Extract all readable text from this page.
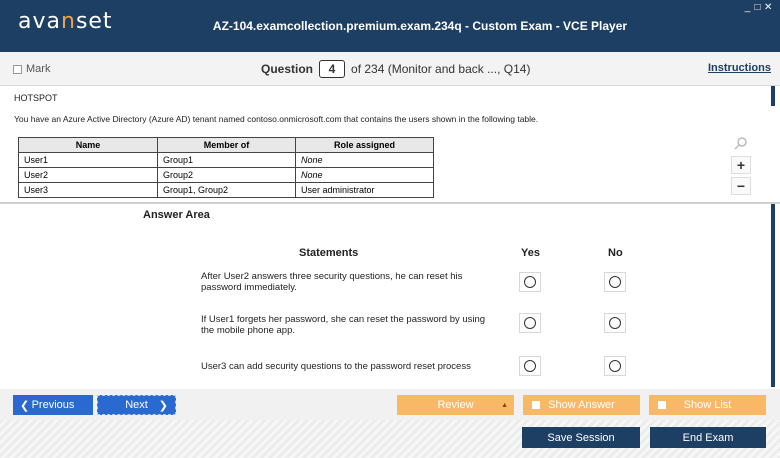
avanset	AZ-104.examcollection.premium.exam.234q - Custom Exam - VCE Player
_□✕
Mark	Question	4	of 234 (Monitor and back ..., Q14)	Instructions
HOTSPOT
You have an Azure Active Directory (Azure AD) tenant named contoso.onmicrosoft.com that contains the users shown in the following table.
Name	Member of	Role assigned
User1	Group1	None
User2	Group2	None
User3	Group1, Group2	User administrator
+
−
Answer Area
Statements	Yes	No
After User2 answers three security questions, he can reset his password immediately.
If User1 forgets her password, she can reset the password by using the mobile phone app.
User3 can add security questions to the password reset process
❮ Previous	Next ❯	Review	▲	Show Answer	Show List
Save Session	End Exam
